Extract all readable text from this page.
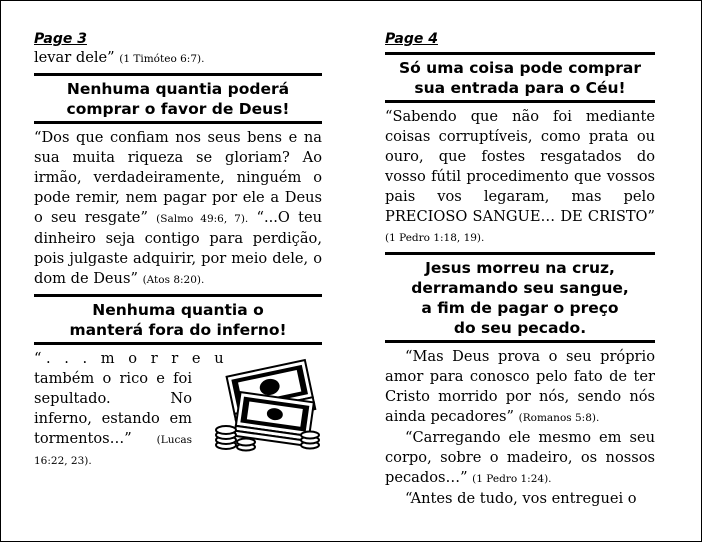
Page 3

levar dele” (1 Timóteo 6:7).

Nenhuma quantia poderá
comprar o favor de Deus!

“Dos que confiam nos seus bens e na sua muita riqueza se gloriam? Ao irmão, verdadeiramente, ninguém o pode remir, nem pagar por ele a Deus o seu resgate” (Salmo 49:6, 7). “...O teu dinheiro seja contigo para perdição, pois julgaste adquirir, por meio dele, o dom de Deus” (Atos 8:20).

Nenhuma quantia o
manterá fora do inferno!

“. . . m o r r e u

também o rico e foi sepultado. No inferno, estando em tormentos…” (Lucas 16:22, 23).

Page 4

Só uma coisa pode comprar
sua entrada para o Céu!

“Sabendo que não foi mediante coisas corruptíveis, como prata ou ouro, que fostes resgatados do vosso fútil procedimento que vossos pais vos legaram, mas pelo PRECIOSO SANGUE… DE CRISTO” (1 Pedro 1:18, 19).

Jesus morreu na cruz,
derramando seu sangue,
a fim de pagar o preço
do seu pecado.

“Mas Deus prova o seu próprio amor para conosco pelo fato de ter Cristo morrido por nós, sendo nós ainda pecadores” (Romanos 5:8).

“Carregando ele mesmo em seu corpo, sobre o madeiro, os nossos pecados…” (1 Pedro 1:24).

“Antes de tudo, vos entreguei o
